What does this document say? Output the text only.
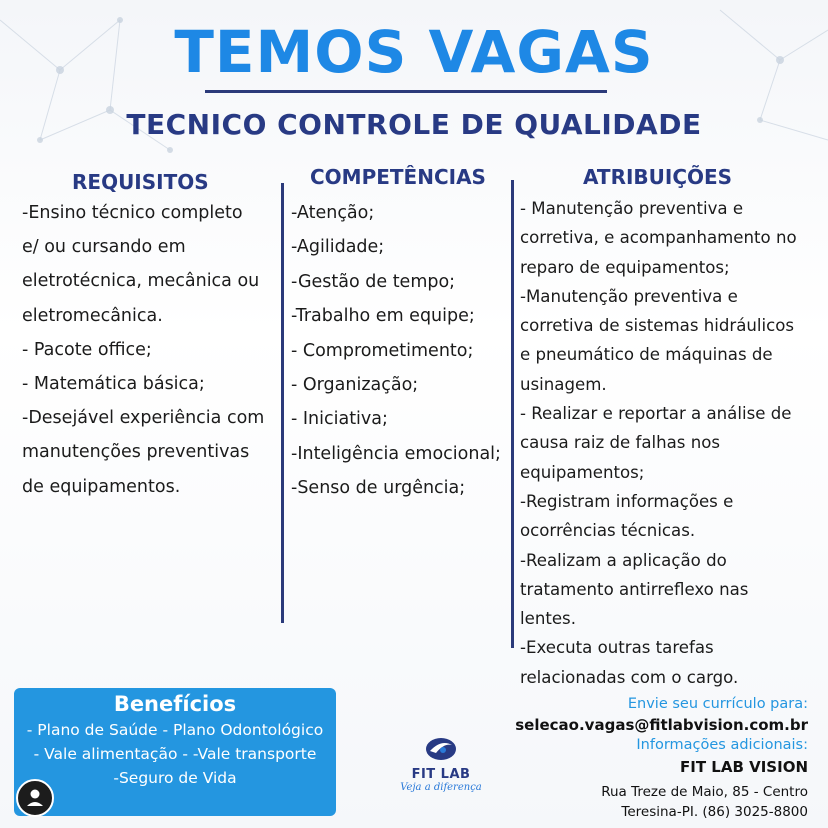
TEMOS VAGAS
TECNICO CONTROLE DE QUALIDADE
REQUISITOS	COMPETÊNCIAS	ATRIBUIÇÕES
-Ensino técnico completo
e/ ou cursando em
eletrotécnica, mecânica ou
eletromecânica.
- Pacote office;
- Matemática básica;
-Desejável experiência com
manutenções preventivas
de equipamentos.
-Atenção;
-Agilidade;
-Gestão de tempo;
-Trabalho em equipe;
- Comprometimento;
- Organização;
- Iniciativa;
-Inteligência emocional;
-Senso de urgência;
- Manutenção preventiva e
corretiva, e acompanhamento no
reparo de equipamentos;
-Manutenção preventiva e
corretiva de sistemas hidráulicos
e pneumático de máquinas de
usinagem.
- Realizar e reportar a análise de
causa raiz de falhas nos
equipamentos;
-Registram informações e
ocorrências técnicas.
-Realizam a aplicação do
tratamento antirreflexo nas
lentes.
-Executa outras tarefas
relacionadas com o cargo.
Benefícios
- Plano de Saúde - Plano Odontológico
- Vale alimentação - -Vale transporte
-Seguro de Vida	FIT LAB
Veja a diferença
Envie seu currículo para:
selecao.vagas@fitlabvision.com.br
Informações adicionais:
FIT LAB VISION
Rua Treze de Maio, 85 - Centro
Teresina-PI. (86) 3025-8800
